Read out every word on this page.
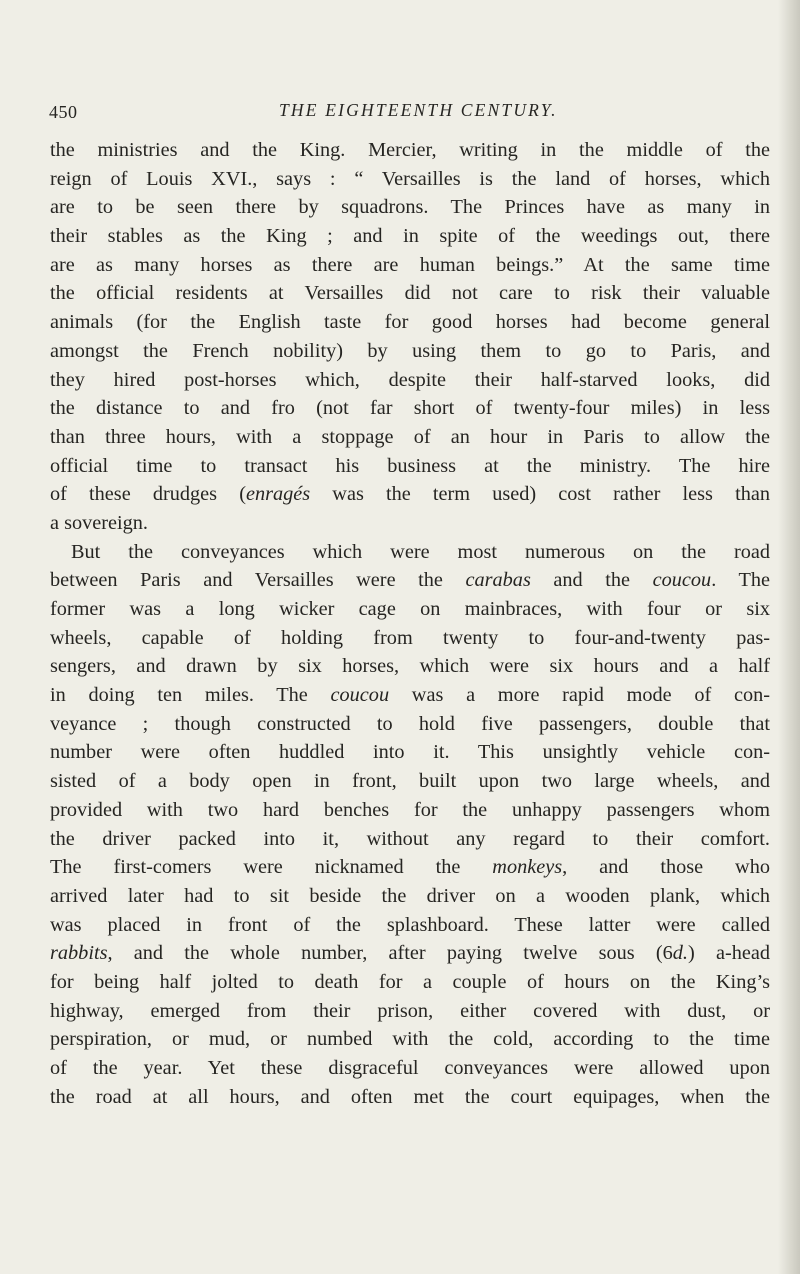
450	THE EIGHTEENTH CENTURY.
the ministries and the King. Mercier, writing in the middle of the
reign of Louis XVI., says : “ Versailles is the land of horses, which
are to be seen there by squadrons. The Princes have as many in
their stables as the King ; and in spite of the weedings out, there
are as many horses as there are human beings.” At the same time
the official residents at Versailles did not care to risk their valuable
animals (for the English taste for good horses had become general
amongst the French nobility) by using them to go to Paris, and
they hired post-horses which, despite their half-starved looks, did
the distance to and fro (not far short of twenty-four miles) in less
than three hours, with a stoppage of an hour in Paris to allow the
official time to transact his business at the ministry. The hire
of these drudges (enragés was the term used) cost rather less than
a sovereign.
But the conveyances which were most numerous on the road
between Paris and Versailles were the carabas and the coucou. The
former was a long wicker cage on mainbraces, with four or six
wheels, capable of holding from twenty to four-and-twenty pas-
sengers, and drawn by six horses, which were six hours and a half
in doing ten miles. The coucou was a more rapid mode of con-
veyance ; though constructed to hold five passengers, double that
number were often huddled into it. This unsightly vehicle con-
sisted of a body open in front, built upon two large wheels, and
provided with two hard benches for the unhappy passengers whom
the driver packed into it, without any regard to their comfort.
The first-comers were nicknamed the monkeys, and those who
arrived later had to sit beside the driver on a wooden plank, which
was placed in front of the splashboard. These latter were called
rabbits, and the whole number, after paying twelve sous (6d.) a-head
for being half jolted to death for a couple of hours on the King’s
highway, emerged from their prison, either covered with dust, or
perspiration, or mud, or numbed with the cold, according to the time
of the year. Yet these disgraceful conveyances were allowed upon
the road at all hours, and often met the court equipages, when the
